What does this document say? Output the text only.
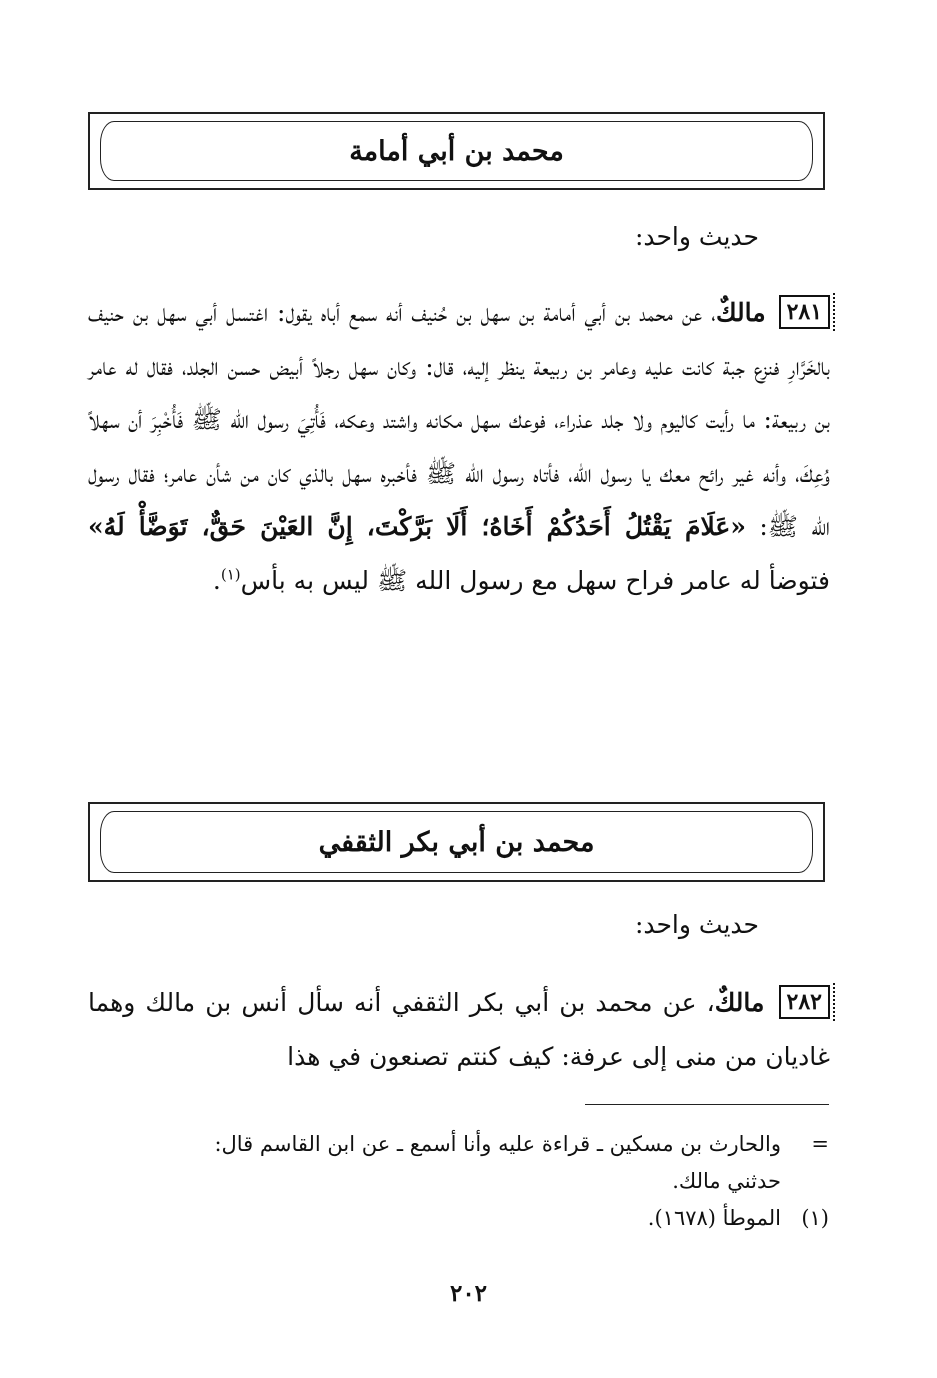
محمد بن أبي أمامة
حديث واحد:
٢٨١ مالكٌ، عن محمد بن أبي أمامة بن سهل بن حُنيف أنه سمع أباه يقول: اغتسل أبي سهل بن حنيف بالخَرَّارِ فنزع جبة كانت عليه وعامر بن ربيعة ينظر إليه، قال: وكان سهل رجلاً أبيض حسن الجلد، فقال له عامر بن ربيعة: ما رأيت كاليوم ولا جلد عذراء، فوعك سهل مكانه واشتد وعكه، فَأُتِيَ رسول الله ﷺ فَأُخْبِرَ أن سهلاً وُعِكَ، وأنه غير رائح معك يا رسول الله، فأتاه رسول الله ﷺ فأخبره سهل بالذي كان من شأن عامر؛ فقال رسول الله ﷺ: «عَلَامَ يَقْتُلُ أَحَدُكُمْ أَخَاهُ؛ أَلَا بَرَّكْتَ، إِنَّ العَيْنَ حَقٌّ، تَوَضَّأْ لَهُ» فتوضأ له عامر فراح سهل مع رسول الله ﷺ ليس به بأس$^{(١)}$.
محمد بن أبي بكر الثقفي
حديث واحد:
٢٨٢ مالكٌ، عن محمد بن أبي بكر الثقفي أنه سأل أنس بن مالك وهما غاديان من منى إلى عرفة: كيف كنتم تصنعون في هذا
=والحارث بن مسكين ـ قراءة عليه وأنا أسمع ـ عن ابن القاسم قال:
حدثني مالك.
(١)الموطأ (١٦٧٨).
٢٠٢
